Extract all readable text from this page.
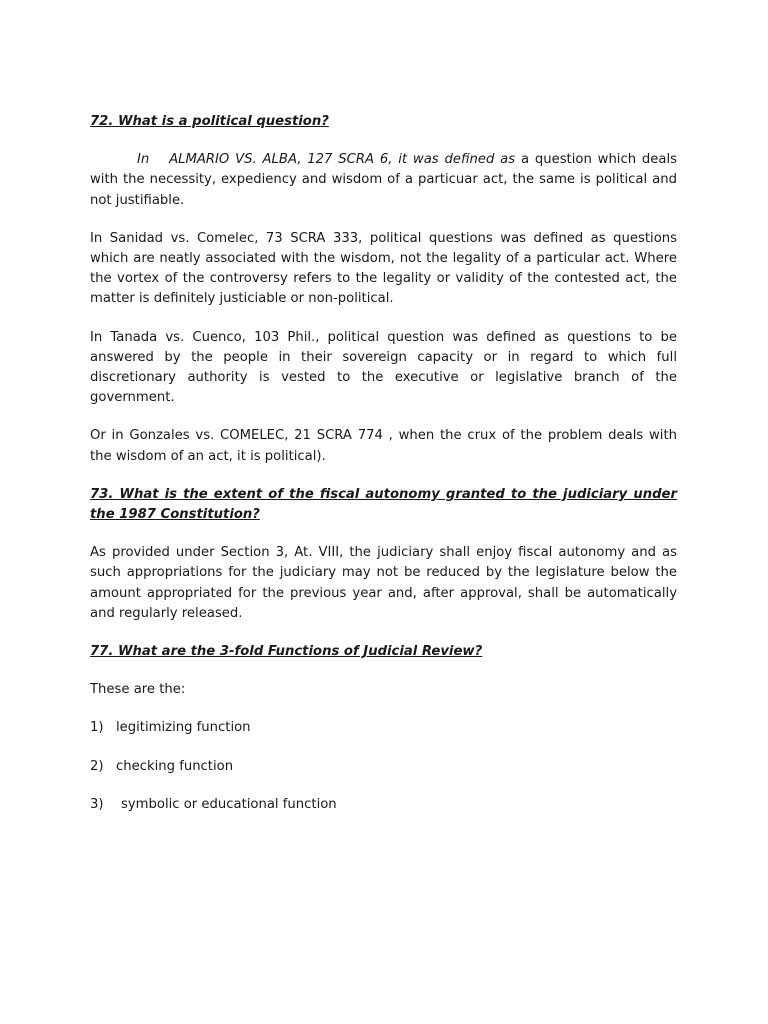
72. What is a political question?
In ALMARIO VS. ALBA, 127 SCRA 6, it was defined as a question which deals with the necessity, expediency and wisdom of a particuar act, the same is political and not justifiable.
In Sanidad vs. Comelec, 73 SCRA 333, political questions was defined as questions which are neatly associated with the wisdom, not the legality of a particular act. Where the vortex of the controversy refers to the legality or validity of the contested act, the matter is definitely justiciable or non-political.
In Tanada vs. Cuenco, 103 Phil., political question was defined as questions to be answered by the people in their sovereign capacity or in regard to which full discretionary authority is vested to the executive or legislative branch of the government.
Or in Gonzales vs. COMELEC, 21 SCRA 774 , when the crux of the problem deals with the wisdom of an act, it is political).
73. What is the extent of the fiscal autonomy granted to the judiciary under the 1987 Constitution?
As provided under Section 3, At. VIII, the judiciary shall enjoy fiscal autonomy and as such appropriations for the judiciary may not be reduced by the legislature below the amount appropriated for the previous year and, after approval, shall be automatically and regularly released.
77. What are the 3-fold Functions of Judicial Review?
These are the:
1) legitimizing function
2) checking function
3)	symbolic or educational function
